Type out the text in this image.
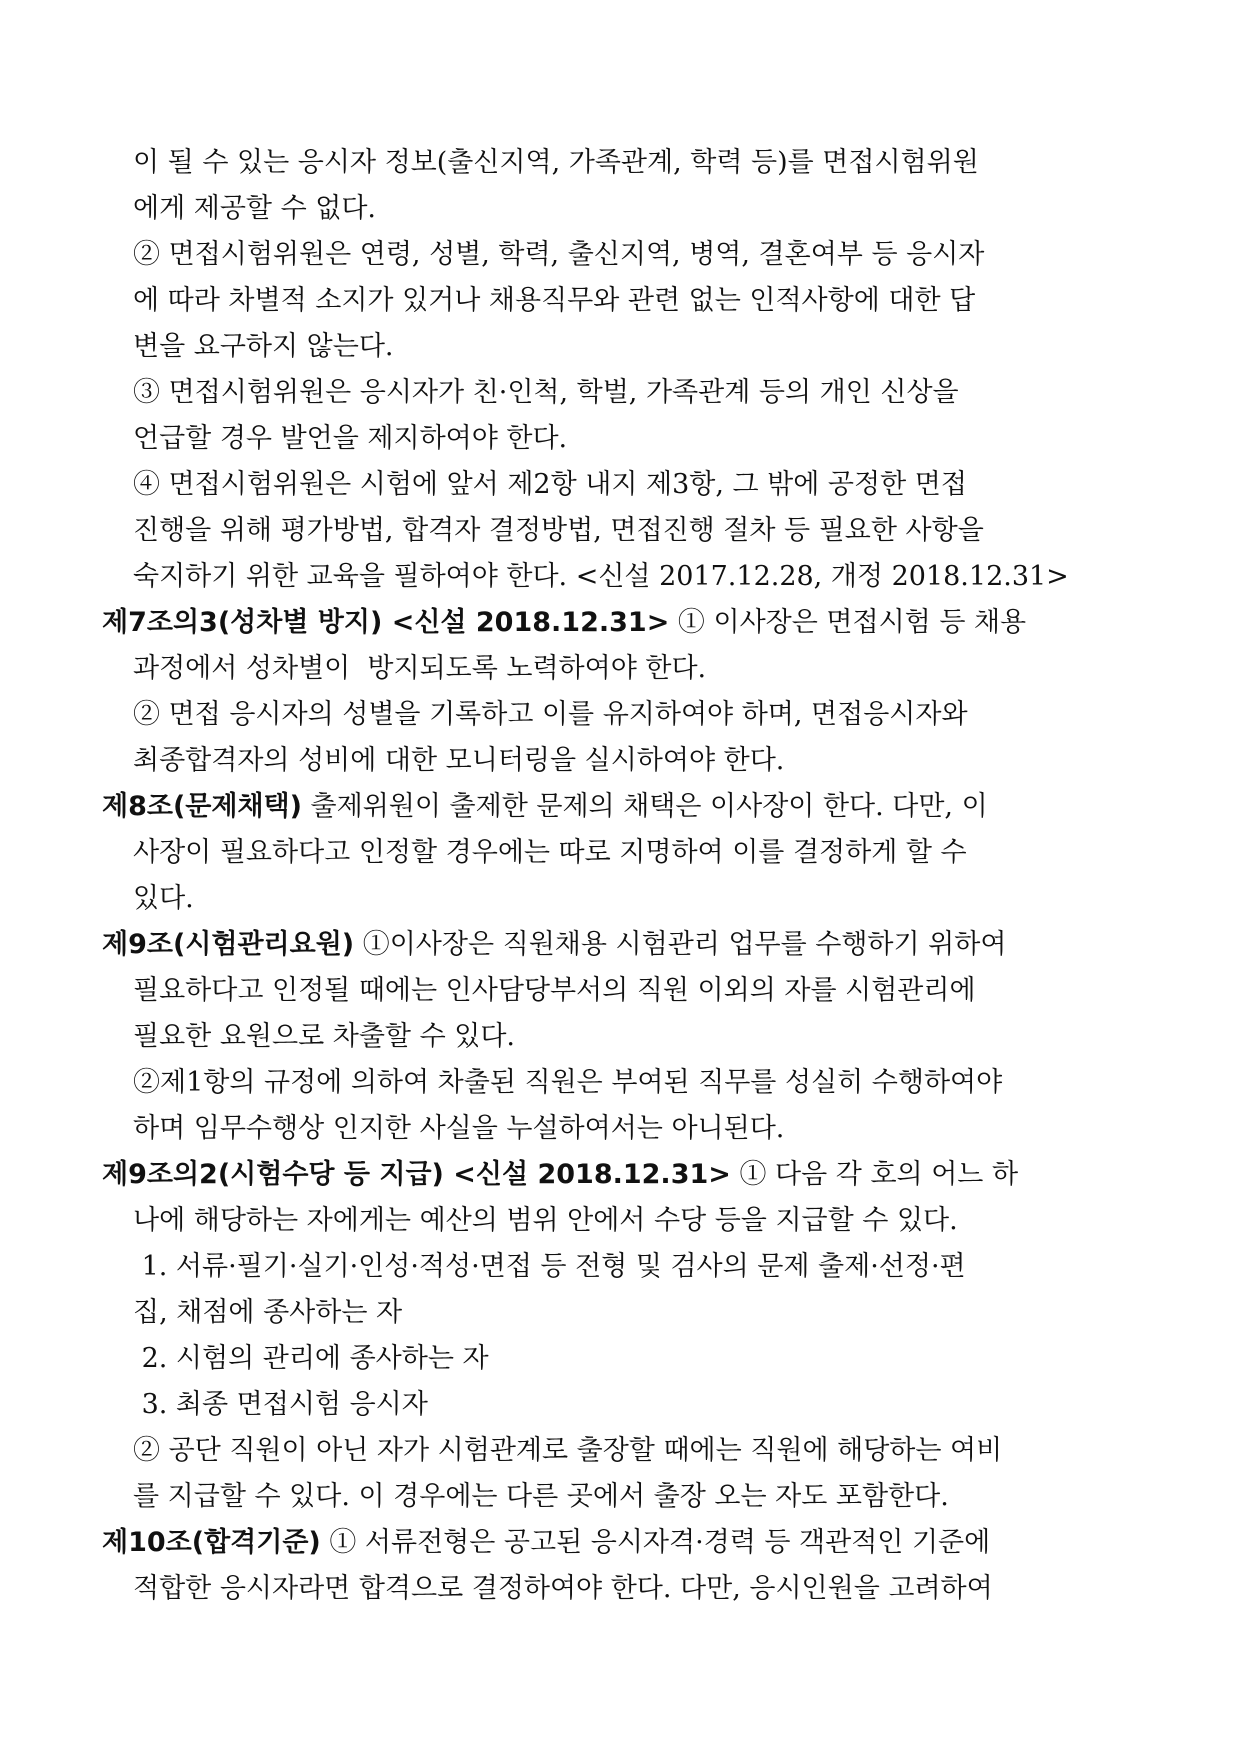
이 될 수 있는 응시자 정보(출신지역, 가족관계, 학력 등)를 면접시험위원
에게 제공할 수 없다.
② 면접시험위원은 연령, 성별, 학력, 출신지역, 병역, 결혼여부 등 응시자
에 따라 차별적 소지가 있거나 채용직무와 관련 없는 인적사항에 대한 답
변을 요구하지 않는다.
③ 면접시험위원은 응시자가 친·인척, 학벌, 가족관계 등의 개인 신상을
언급할 경우 발언을 제지하여야 한다.
④ 면접시험위원은 시험에 앞서 제2항 내지 제3항, 그 밖에 공정한 면접
진행을 위해 평가방법, 합격자 결정방법, 면접진행 절차 등 필요한 사항을
숙지하기 위한 교육을 필하여야 한다. <신설 2017.12.28, 개정 2018.12.31>
제7조의3(성차별 방지) <신설 2018.12.31> ① 이사장은 면접시험 등 채용
과정에서 성차별이  방지되도록 노력하여야 한다.
② 면접 응시자의 성별을 기록하고 이를 유지하여야 하며, 면접응시자와
최종합격자의 성비에 대한 모니터링을 실시하여야 한다.
제8조(문제채택) 출제위원이 출제한 문제의 채택은 이사장이 한다. 다만, 이
사장이 필요하다고 인정할 경우에는 따로 지명하여 이를 결정하게 할 수
있다.
제9조(시험관리요원) ①이사장은 직원채용 시험관리 업무를 수행하기 위하여
필요하다고 인정될 때에는 인사담당부서의 직원 이외의 자를 시험관리에
필요한 요원으로 차출할 수 있다.
②제1항의 규정에 의하여 차출된 직원은 부여된 직무를 성실히 수행하여야
하며 임무수행상 인지한 사실을 누설하여서는 아니된다.
제9조의2(시험수당 등 지급) <신설 2018.12.31> ① 다음 각 호의 어느 하
나에 해당하는 자에게는 예산의 범위 안에서 수당 등을 지급할 수 있다.
1. 서류·필기·실기·인성·적성·면접 등 전형 및 검사의 문제 출제·선정·편
집, 채점에 종사하는 자
2. 시험의 관리에 종사하는 자
3. 최종 면접시험 응시자
② 공단 직원이 아닌 자가 시험관계로 출장할 때에는 직원에 해당하는 여비
를 지급할 수 있다. 이 경우에는 다른 곳에서 출장 오는 자도 포함한다.
제10조(합격기준) ① 서류전형은 공고된 응시자격·경력 등 객관적인 기준에
적합한 응시자라면 합격으로 결정하여야 한다. 다만, 응시인원을 고려하여
